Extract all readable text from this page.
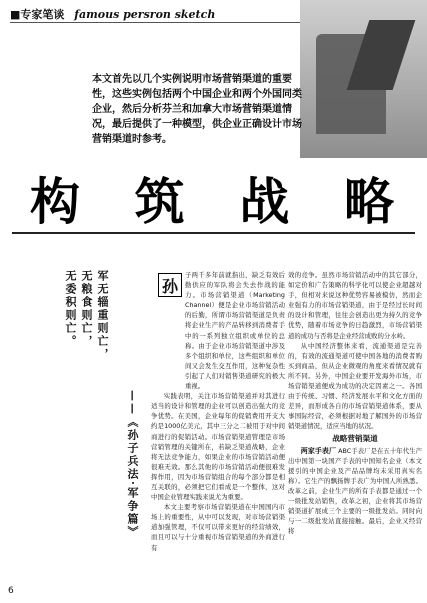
■专家笔谈 famous persron sketch
本文首先以几个实例说明市场营销渠道的重要性，这些实例包括两个中国企业和两个外国同类企业，然后分析芬兰和加拿大市场营销渠道情况，最后提供了一种模型，供企业正确设计市场营销渠道时参考。
构 筑 战 略
军无辎重则亡，
无粮食则亡，
无委积则亡。
——《孙子兵法·军争篇》
子两千多年前就指出，缺乏有效后勤供应的军队将会失去作战的能力。市场营销渠道（Marketing Channel）便是企业市场营销活动的后勤，所谓市场营销渠道是负责将企业生产的产品转移到消费者手中的一系列独立组织或单位的总称。由于企业市场营销渠道中涉及多个组织和单位，这些组织和单位间又会发生交互作用，这种复杂性引起了人们对销售渠道研究的极大重视。
实践表明，关注市场营销渠道并对其进行适当的设计和管理的企业可以创造出强大的竞争优势。在美国，企业每年的促销费用开支大约是1000亿美元，其中三分之二被用于对中间商进行的促销活动。市场营销渠道管理是市场营销管理的关键所在，若缺乏渠道战略，企业将无法竞争能力，如果企业的市场营销活动便很难无效。那么其他的市场营销活动便很难发挥作用，因为市场营销组合的每个部分都是相互关联的，必须把它们看成是一个整体，这对中国企业管理实践来说尤为重要。
本文主要考察市场营销渠道在中国国内市场上的重要性，从中可以发现，对市场营销渠道加强管理，不仅可以带来更好的经营绩效，而且可以与十分重视市场营销渠道的外商进行有
孙
效的竞争。虽然市场营销活动中的其它部分，如定价和广告策略的科学化可以使企业超越对手，但相对来说这种优势容易被模仿，然而企业强有力的市场营销渠道，由于是经过长时间的设计和管理，往往会创造出更为持久的竞争优势，随着市场竞争的日趋激烈，市场营销渠道的成功与否将是企业经营成败的分水岭。
从中国经济整体来看，流通渠道是完善的，有效的流通渠道可使中国各地的消费者购买到商品，但从企业微观的角度来看情况就有所不同。另外，中国企业要开发海外市场，市场营销渠道便成为成功的决定因素之一。各国由于传统、习惯、经济发展水平和文化方面的差异，而形成各自的市场营销渠道体系，要从事国际经营，必须根据对地了解国外的市场营销渠道情况，适应当地的状况。
战略营销渠道
两家手表厂 ABC手表厂是在五十年代生产出中国第一块国产手表的中国知名企业（本文援引的中国企业及产品品牌均未采用真实名称）。它生产的飘扬牌手表广为中国人所熟悉。改革之前，企业生产的所有手表都是通过一个一级批发站销售，改革之初，企业将其市场营销渠道扩展成三个主要的一级批发站。同时向与一二级批发站直接接触。最后，企业又经营将
6
